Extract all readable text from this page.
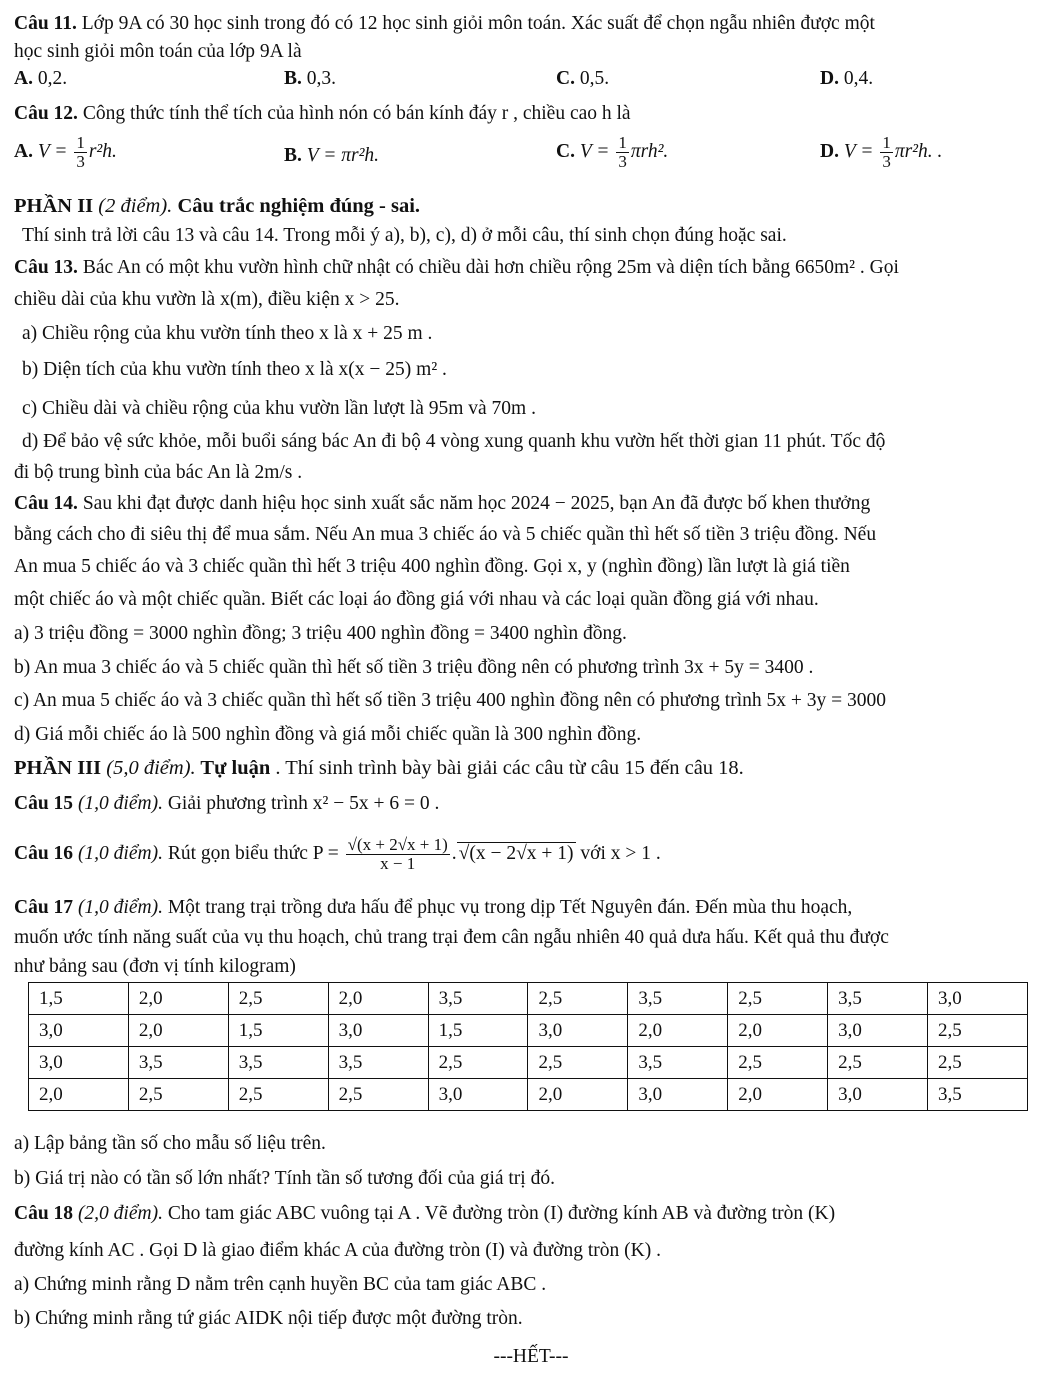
Câu 11. Lớp 9A có 30 học sinh trong đó có 12 học sinh giỏi môn toán. Xác suất để chọn ngẫu nhiên được một
học sinh giỏi môn toán của lớp 9A là
A. 0,2.	B. 0,3.	C. 0,5.	D. 0,4.
Câu 12. Công thức tính thể tích của hình nón có bán kính đáy r , chiều cao h là
A. $V = \frac{1}{3} r^2h$.	B. V = πr²h.	C. $V = \frac{1}{3} \pi rh^2$.	D. $V = \frac{1}{3} \pi r^2h$. .
PHẦN II (2 điểm). Câu trắc nghiệm đúng - sai.
Thí sinh trả lời câu 13 và câu 14. Trong mỗi ý a), b), c), d) ở mỗi câu, thí sinh chọn đúng hoặc sai.
Câu 13. Bác An có một khu vườn hình chữ nhật có chiều dài hơn chiều rộng 25m và diện tích bằng 6650m² . Gọi
chiều dài của khu vườn là x(m), điều kiện x > 25.
a) Chiều rộng của khu vườn tính theo x là x + 25 m .
b) Diện tích của khu vườn tính theo x là x(x − 25) m² .
c) Chiều dài và chiều rộng của khu vườn lần lượt là 95m và 70m .
d) Để bảo vệ sức khỏe, mỗi buổi sáng bác An đi bộ 4 vòng xung quanh khu vườn hết thời gian 11 phút. Tốc độ
đi bộ trung bình của bác An là 2m/s .
Câu 14. Sau khi đạt được danh hiệu học sinh xuất sắc năm học 2024 − 2025, bạn An đã được bố khen thưởng
bằng cách cho đi siêu thị để mua sắm. Nếu An mua 3 chiếc áo và 5 chiếc quần thì hết số tiền 3 triệu đồng. Nếu
An mua 5 chiếc áo và 3 chiếc quần thì hết 3 triệu 400 nghìn đồng. Gọi x, y (nghìn đồng) lần lượt là giá tiền
một chiếc áo và một chiếc quần. Biết các loại áo đồng giá với nhau và các loại quần đồng giá với nhau.
a) 3 triệu đồng = 3000 nghìn đồng; 3 triệu 400 nghìn đồng = 3400 nghìn đồng.
b) An mua 3 chiếc áo và 5 chiếc quần thì hết số tiền 3 triệu đồng nên có phương trình 3x + 5y = 3400 .
c) An mua 5 chiếc áo và 3 chiếc quần thì hết số tiền 3 triệu 400 nghìn đồng nên có phương trình 5x + 3y = 3000
d) Giá mỗi chiếc áo là 500 nghìn đồng và giá mỗi chiếc quần là 300 nghìn đồng.
PHẦN III (5,0 điểm). Tự luận . Thí sinh trình bày bài giải các câu từ câu 15 đến câu 18.
Câu 15 (1,0 điểm). Giải phương trình x² − 5x + 6 = 0 .
Câu 16 (1,0 điểm). Rút gọn biểu thức $P = \frac{√(x + 2√x + 1)}{x - 1}$ . √(x − 2√x + 1) với x > 1 .
Câu 17 (1,0 điểm). Một trang trại trồng dưa hấu để phục vụ trong dịp Tết Nguyên đán. Đến mùa thu hoạch,
muốn ước tính năng suất của vụ thu hoạch, chủ trang trại đem cân ngẫu nhiên 40 quả dưa hấu. Kết quả thu được
như bảng sau (đơn vị tính kilogram)
1,5	2,0	2,5	2,0	3,5	2,5	3,5	2,5	3,5	3,0
3,0	2,0	1,5	3,0	1,5	3,0	2,0	2,0	3,0	2,5
3,0	3,5	3,5	3,5	2,5	2,5	3,5	2,5	2,5	2,5
2,0	2,5	2,5	2,5	3,0	2,0	3,0	2,0	3,0	3,5
a) Lập bảng tần số cho mẫu số liệu trên.
b) Giá trị nào có tần số lớn nhất? Tính tần số tương đối của giá trị đó.
Câu 18 (2,0 điểm). Cho tam giác ABC vuông tại A . Vẽ đường tròn (I) đường kính AB và đường tròn (K)
đường kính AC . Gọi D là giao điểm khác A của đường tròn (I) và đường tròn (K) .
a) Chứng minh rằng D nằm trên cạnh huyền BC của tam giác ABC .
b) Chứng minh rằng tứ giác AIDK nội tiếp được một đường tròn.
---HẾT---
